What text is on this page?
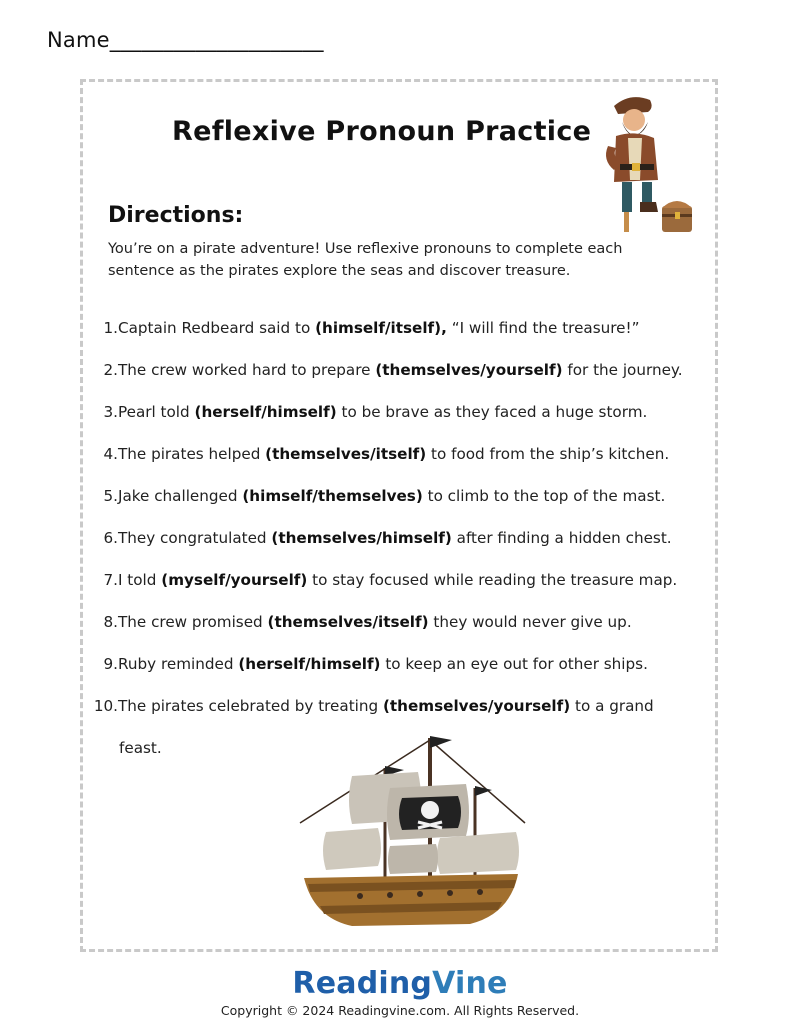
Name____________________
Reflexive Pronoun Practice
Directions:
You’re on a pirate adventure! Use reflexive pronouns to complete each sentence as the pirates explore the seas and discover treasure.
1.Captain Redbeard said to (himself/itself), “I will find the treasure!”
2.The crew worked hard to prepare (themselves/yourself) for the journey.
3.Pearl told (herself/himself) to be brave as they faced a huge storm.
4.The pirates helped (themselves/itself) to food from the ship’s kitchen.
5.Jake challenged (himself/themselves) to climb to the top of the mast.
6.They congratulated (themselves/himself) after finding a hidden chest.
7.I told (myself/yourself) to stay focused while reading the treasure map.
8.The crew promised (themselves/itself) they would never give up.
9.Ruby reminded (herself/himself) to keep an eye out for other ships.
10.The pirates celebrated by treating (themselves/yourself) to a grand
feast.
ReadingVine
Copyright © 2024 Readingvine.com. All Rights Reserved.
